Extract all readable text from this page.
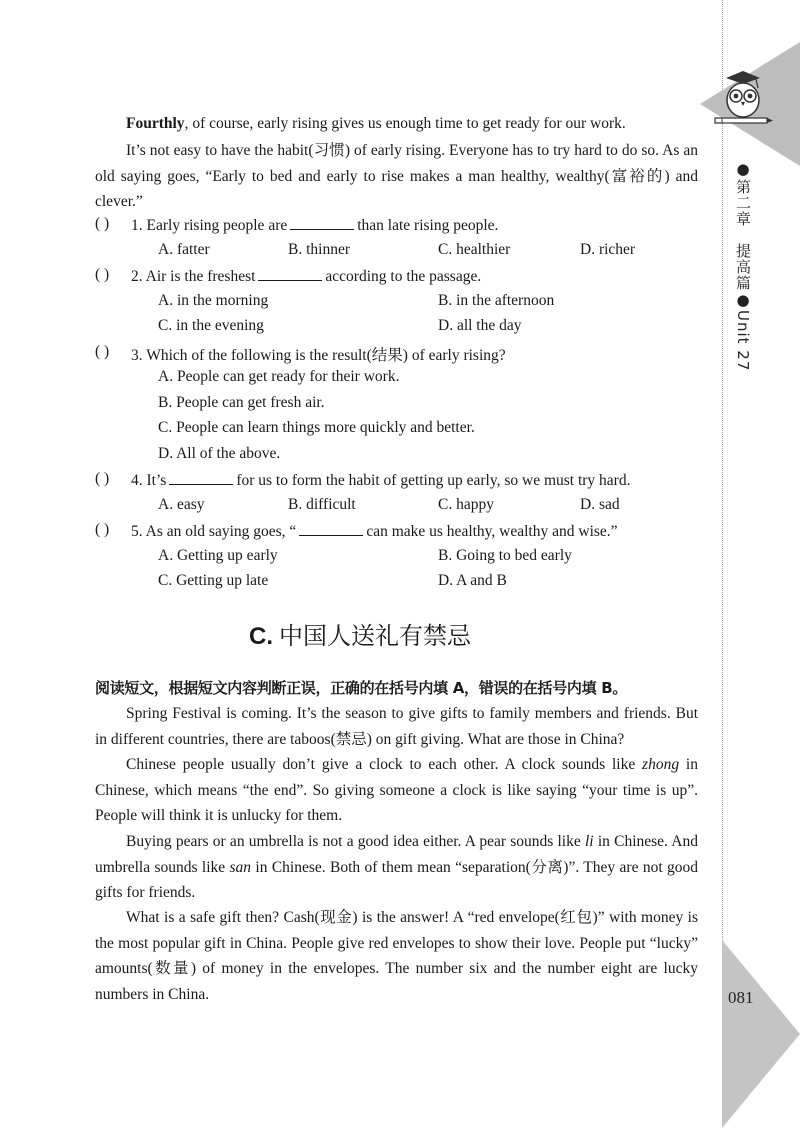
●第二章　提高篇●Unit 27
081
Fourthly, of course, early rising gives us enough time to get ready for our work.
It’s not easy to have the habit(习惯) of early rising. Everyone has to try hard to do so. As an old saying goes, “Early to bed and early to rise makes a man healthy, wealthy(富裕的) and clever.”
( ) 1. Early rising people are	than late rising people.
A. fatter	B. thinner	C. healthier	D. richer
( ) 2. Air is the freshest	according to the passage.
A. in the morning	B. in the afternoon
C. in the evening	D. all the day
( ) 3. Which of the following is the result(结果) of early rising?
A. People can get ready for their work.
B. People can get fresh air.
C. People can learn things more quickly and better.
D. All of the above.
( ) 4. It’s	for us to form the habit of getting up early, so we must try hard.
A. easy	B. difficult	C. happy	D. sad
( ) 5. As an old saying goes, “	can make us healthy, wealthy and wise.”
A. Getting up early	B. Going to bed early
C. Getting up late	D. A and B
C. 中国人送礼有禁忌
阅读短文，根据短文内容判断正误，正确的在括号内填 A，错误的在括号内填 B。
Spring Festival is coming. It’s the season to give gifts to family members and friends. But in different countries, there are taboos(禁忌) on gift giving. What are those in China?
Chinese people usually don’t give a clock to each other. A clock sounds like zhong in Chinese, which means “the end”. So giving someone a clock is like saying “your time is up”. People will think it is unlucky for them.
Buying pears or an umbrella is not a good idea either. A pear sounds like li in Chinese. And umbrella sounds like san in Chinese. Both of them mean “separation(分离)”. They are not good gifts for friends.
What is a safe gift then? Cash(现金) is the answer! A “red envelope(红包)” with money is the most popular gift in China. People give red envelopes to show their love. People put “lucky” amounts(数量) of money in the envelopes. The number six and the number eight are lucky numbers in China.
